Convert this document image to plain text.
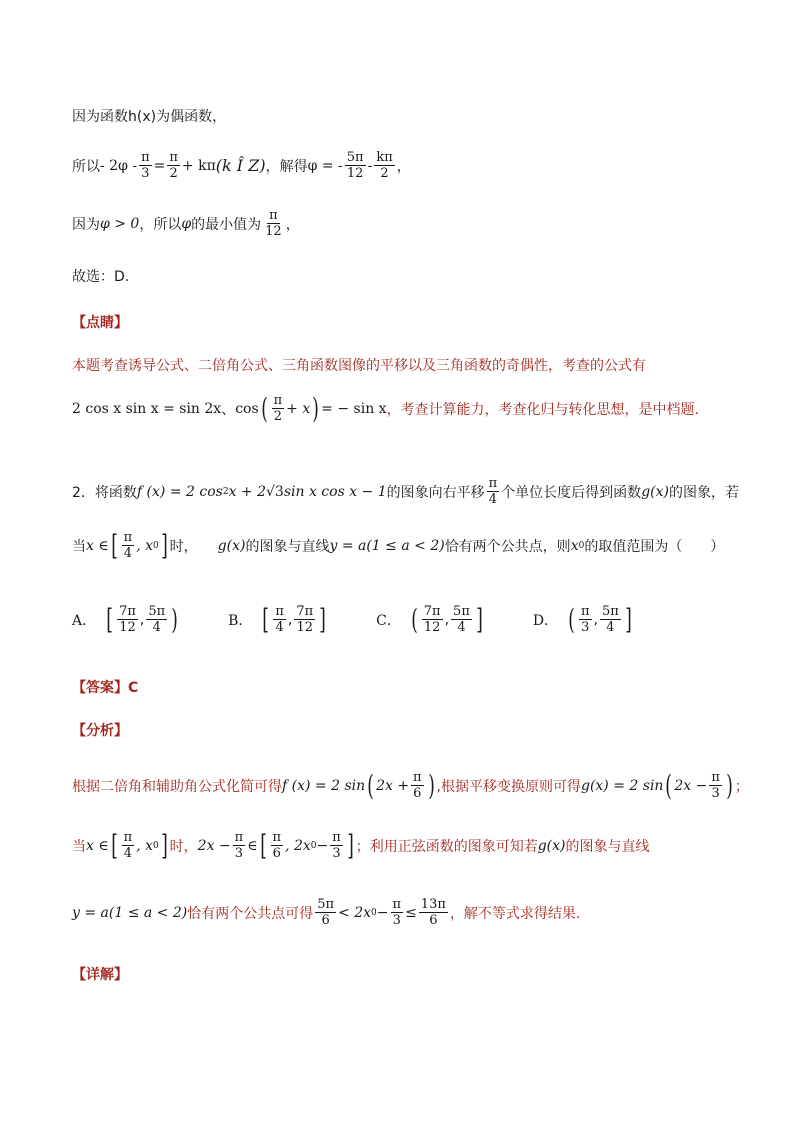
因为函数h(x)为偶函数，
所以 - $2\varphi - \frac{\pi}{3} = \frac{\pi}{2} + k\pi$ (k Î Z) ，解得 φ = - $\frac{5\pi}{12} - \frac{k\pi}{2}$ ，
因为 φ > 0 ，所以 φ 的最小值为 $\frac{\pi}{12}$ ，
故选：D.
【点睛】
本题考查诱导公式、二倍角公式、三角函数图像的平移以及三角函数的奇偶性，考查的公式有
2 cos x sin x = sin 2x 、 cos ( $\frac{\pi}{2} + x$ ) = − sin x ，考查计算能力，考查化归与转化思想，是中档题.
2．将函数 f (x) = 2 cos 2 x + 2 √3 sin x cos x − 1 的图象向右平移 $\frac{\pi}{4}$ 个单位长度后得到函数 g(x) 的图象，若
当 x ∈ [ $\frac{\pi}{4}$ , x 0 ] 时， g(x) 的图象与直线 y = a(1 ≤ a < 2) 恰有两个公共点，则 x 0 的取值范围为（　　）
A． [ $\frac{7\pi}{12}$ , $\frac{5\pi}{4}$ )	B． [ $\frac{\pi}{4}$ , $\frac{7\pi}{12}$ ]	C． ( $\frac{7\pi}{12}$ , $\frac{5\pi}{4}$ ]	D． ( $\frac{\pi}{3}$ , $\frac{5\pi}{4}$ ]
【答案】C
【分析】
根据二倍角和辅助角公式化简可得 f (x) = 2 sin ( $2x + \frac{\pi}{6}$ ) ,根据平移变换原则可得 g(x) = 2 sin ( $2x - \frac{\pi}{3}$ ) ；
当 x ∈ [ $\frac{\pi}{4}$ , x 0 ] 时， $2x - \frac{\pi}{3}$ ∈ [ $\frac{\pi}{6}$ , 2x $0 - \frac{\pi}{3}$ ] ；利用正弦函数的图象可知若 g(x) 的图象与直线
y = a(1 ≤ a < 2) 恰有两个公共点可得 $\frac{5\pi}{6} < 2x$ $0 - \frac{\pi}{3} \le \frac{13\pi}{6}$ ，解不等式求得结果.
【详解】
